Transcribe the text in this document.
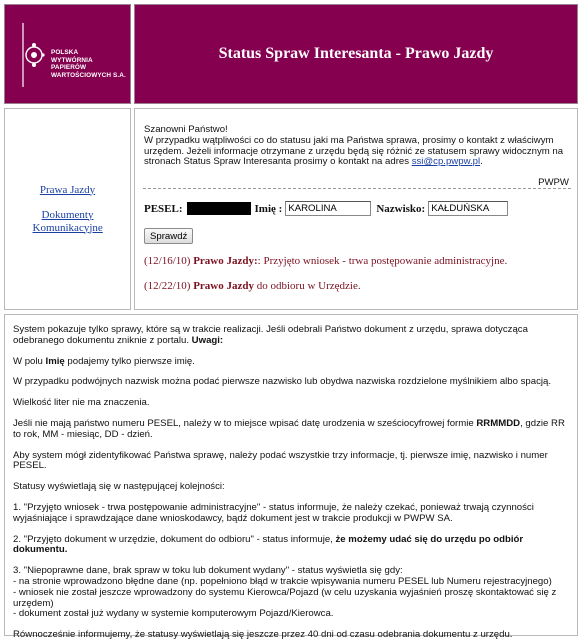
POLSKA
WYTWÓRNIA
PAPIERÓW
WARTOŚCIOWYCH S.A.
Status Spraw Interesanta - Prawo Jazdy
Prawa Jazdy
Dokumenty Komunikacyjne
Szanowni Państwo!
W przypadku wątpliwości co do statusu jaki ma Państwa sprawa, prosimy o kontakt z właściwym urzędem. Jeżeli informacje otrzymane z urzędu będą się różnić ze statusem sprawy widocznym na stronach Status Spraw Interesanta prosimy o kontakt na adres ssi@cp.pwpw.pl.
PWPW
PESEL:	Imię :
KAROLINA	Nazwisko:
KAŁDUŃSKA
Sprawdź
(12/16/10) Prawo Jazdy:: Przyjęto wniosek - trwa postępowanie administracyjne.
(12/22/10) Prawo Jazdy do odbioru w Urzędzie.

System pokazuje tylko sprawy, które są w trakcie realizacji. Jeśli odebrali Państwo dokument z urzędu, sprawa dotycząca odebranego dokumentu zniknie z portalu. Uwagi:

W polu Imię podajemy tylko pierwsze imię.

W przypadku podwójnych nazwisk można podać pierwsze nazwisko lub obydwa nazwiska rozdzielone myślnikiem albo spacją.

Wielkość liter nie ma znaczenia.

Jeśli nie mają państwo numeru PESEL, należy w to miejsce wpisać datę urodzenia w sześciocyfrowej formie RRMMDD, gdzie RR to rok, MM - miesiąc, DD - dzień.

Aby system mógł zidentyfikować Państwa sprawę, należy podać wszystkie trzy informacje, tj. pierwsze imię, nazwisko i numer PESEL.

Statusy wyświetlają się w następującej kolejności:

1. "Przyjęto wniosek - trwa postępowanie administracyjne" - status informuje, że należy czekać, ponieważ trwają czynności wyjaśniające i sprawdzające dane wnioskodawcy, bądź dokument jest w trakcie produkcji w PWPW SA.

2. "Przyjęto dokument w urzędzie, dokument do odbioru" - status informuje, że możemy udać się do urzędu po odbiór dokumentu.

3. "Niepoprawne dane, brak spraw w toku lub dokument wydany" - status wyświetla się gdy:
- na stronie wprowadzono błędne dane (np. popełniono błąd w trakcie wpisywania numeru PESEL lub Numeru rejestracyjnego)
- wniosek nie został jeszcze wprowadzony do systemu Kierowca/Pojazd (w celu uzyskania wyjaśnień proszę skontaktować się z urzędem)
- dokument został już wydany w systemie komputerowym Pojazd/Kierowca.

Równocześnie informujemy, że statusy wyświetlają się jeszcze przez 40 dni od czasu odebrania dokumentu z urzędu.
